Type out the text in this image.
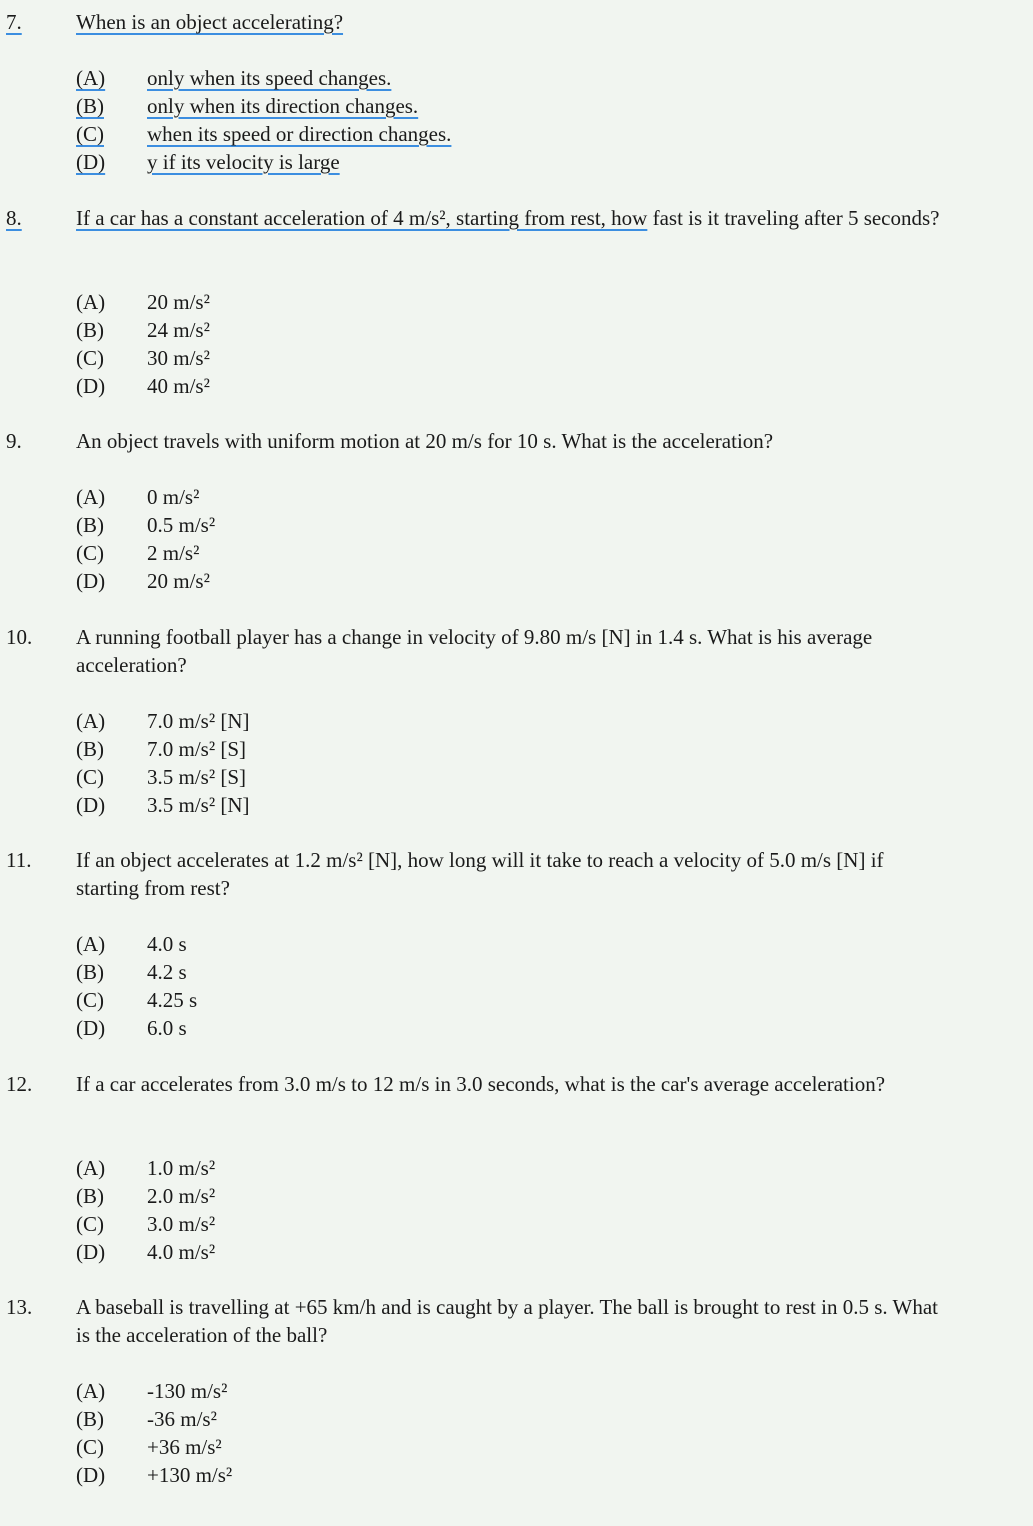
7.	When is an object accelerating?
(A) only when its speed changes.
(B) only when its direction changes.
(C) when its speed or direction changes.
(D) y if its velocity is large
8.	If a car has a constant acceleration of 4 m/s², starting from rest, how fast is it traveling after 5 seconds?
(A) 20 m/s²
(B) 24 m/s²
(C) 30 m/s²
(D) 40 m/s²
9.	An object travels with uniform motion at 20 m/s for 10 s. What is the acceleration?
(A) 0 m/s²
(B) 0.5 m/s²
(C) 2 m/s²
(D) 20 m/s²
10. A running football player has a change in velocity of 9.80 m/s [N] in 1.4 s. What is his average acceleration?
(A) 7.0 m/s² [N]
(B) 7.0 m/s² [S]
(C) 3.5 m/s² [S]
(D) 3.5 m/s² [N]
11. If an object accelerates at 1.2 m/s² [N], how long will it take to reach a velocity of 5.0 m/s [N] if starting from rest?
(A) 4.0 s
(B) 4.2 s
(C) 4.25 s
(D) 6.0 s
12. If a car accelerates from 3.0 m/s to 12 m/s in 3.0 seconds, what is the car's average acceleration?
(A) 1.0 m/s²
(B) 2.0 m/s²
(C) 3.0 m/s²
(D) 4.0 m/s²
13. A baseball is travelling at +65 km/h and is caught by a player. The ball is brought to rest in 0.5 s. What is the acceleration of the ball?
(A) -130 m/s²
(B) -36 m/s²
(C) +36 m/s²
(D) +130 m/s²
